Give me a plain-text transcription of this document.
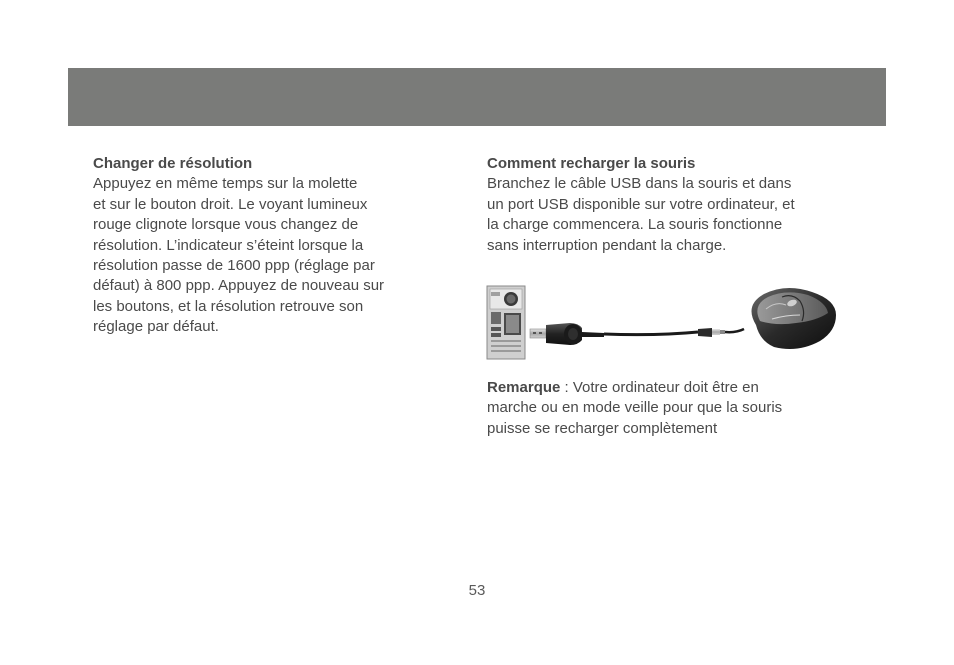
Changer de résolution

Appuyez en même temps sur la molette
et sur le bouton droit. Le voyant lumineux
rouge clignote lorsque vous changez de
résolution. L’indicateur s’éteint lorsque la
résolution passe de 1600 ppp (réglage par
défaut) à 800 ppp. Appuyez de nouveau sur
les boutons, et la résolution retrouve son
réglage par défaut.

Comment recharger la souris

Branchez le câble USB dans la souris et dans
un port USB disponible sur votre ordinateur, et
la charge commencera. La souris fonctionne
sans interruption pendant la charge.

Remarque : Votre ordinateur doit être en
marche ou en mode veille pour que la souris
puisse se recharger complètement
53
